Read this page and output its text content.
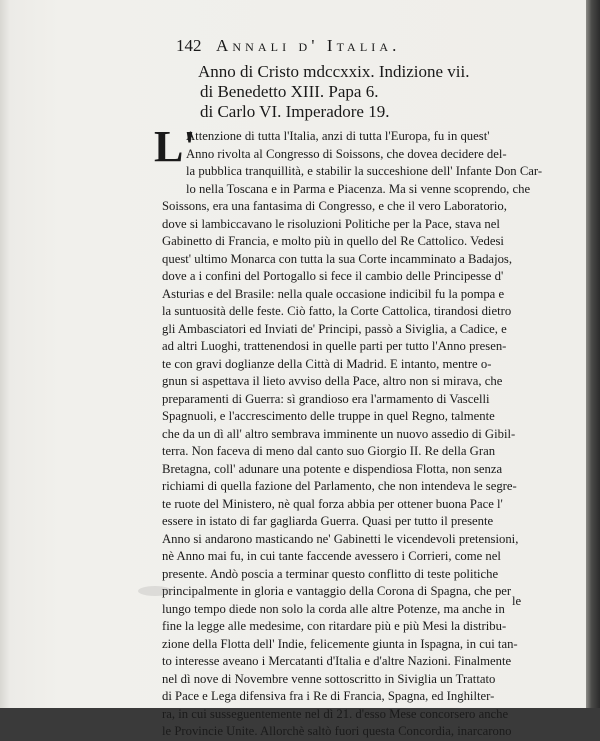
142 Annali d' Italia.
Anno di Cristo mdccxxix. Indizione vii.
di Benedetto XIII. Papa 6.
di Carlo VI. Imperadore 19.
L'
Attenzione di tutta l'Italia, anzi di tutta l'Europa, fu in quest'
Anno rivolta al Congresso di Soissons, che dovea decidere del-
la pubblica tranquillità, e stabilir la succeshione dell' Infante Don Car-
lo nella Toscana e in Parma e Piacenza. Ma si venne scoprendo, che
Soissons, era una fantasima di Congresso, e che il vero Laboratorio,
dove si lambiccavano le risoluzioni Politiche per la Pace, stava nel
Gabinetto di Francia, e molto più in quello del Re Cattolico. Vedesi
quest' ultimo Monarca con tutta la sua Corte incamminato a Badajos,
dove a i confini del Portogallo si fece il cambio delle Principesse d'
Asturias e del Brasile: nella quale occasione indicibil fu la pompa e
la suntuosità delle feste. Ciò fatto, la Corte Cattolica, tirandosi dietro
gli Ambasciatori ed Inviati de' Principi, passò a Siviglia, a Cadice, e
ad altri Luoghi, trattenendosi in quelle parti per tutto l'Anno presen-
te con gravi doglianze della Città di Madrid. E intanto, mentre o-
gnun si aspettava il lieto avviso della Pace, altro non si mirava, che
preparamenti di Guerra: sì grandioso era l'armamento di Vascelli
Spagnuoli, e l'accrescimento delle truppe in quel Regno, talmente
che da un dì all' altro sembrava imminente un nuovo assedio di Gibil-
terra. Non faceva di meno dal canto suo Giorgio II. Re della Gran
Bretagna, coll' adunare una potente e dispendiosa Flotta, non senza
richiami di quella fazione del Parlamento, che non intendeva le segre-
te ruote del Ministero, nè qual forza abbia per ottener buona Pace l'
essere in istato di far gagliarda Guerra. Quasi per tutto il presente
Anno si andarono masticando ne' Gabinetti le vicendevoli pretensioni,
nè Anno mai fu, in cui tante faccende avessero i Corrieri, come nel
presente. Andò poscia a terminar questo conflitto di teste politiche
principalmente in gloria e vantaggio della Corona di Spagna, che per
lungo tempo diede non solo la corda alle altre Potenze, ma anche in
fine la legge alle medesime, con ritardare più e più Mesi la distribu-
zione della Flotta dell' Indie, felicemente giunta in Ispagna, in cui tan-
to interesse aveano i Mercatanti d'Italia e d'altre Nazioni. Finalmente
nel dì nove di Novembre venne sottoscritto in Siviglia un Trattato
di Pace e Lega difensiva fra i Re di Francia, Spagna, ed Inghilter-
ra, in cui susseguentemente nel dì 21. d'esso Mese concorsero anche
le Provincie Unite. Allorchè saltò fuori questa Concordia, inarcarono
le
